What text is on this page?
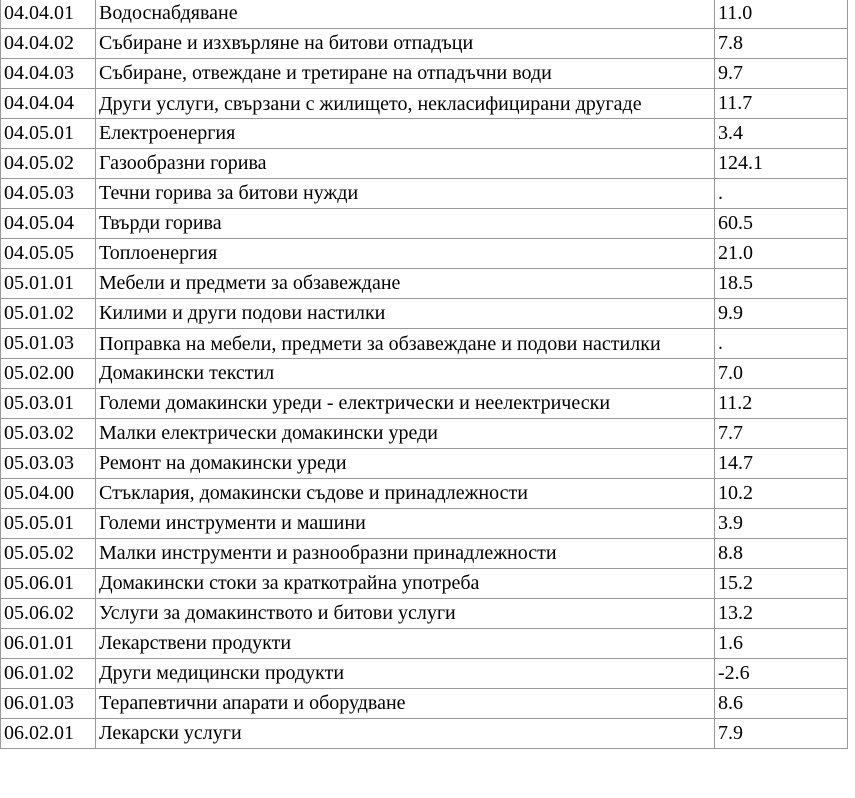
04.04.01	Водоснабдяване	11.0
04.04.02	Събиране и изхвърляне на битови отпадъци	7.8
04.04.03	Събиране, отвеждане и третиране на отпадъчни води	9.7
04.04.04	Други услуги, свързани с жилището, некласифицирани другаде	11.7
04.05.01	Електроенергия	3.4
04.05.02	Газообразни горива	124.1
04.05.03	Течни горива за битови нужди	.
04.05.04	Твърди горива	60.5
04.05.05	Топлоенергия	21.0
05.01.01	Мебели и предмети за обзавеждане	18.5
05.01.02	Килими и други подови настилки	9.9
05.01.03	Поправка на мебели, предмети за обзавеждане и подови настилки	.
05.02.00	Домакински текстил	7.0
05.03.01	Големи домакински уреди - електрически и неелектрически	11.2
05.03.02	Малки електрически домакински уреди	7.7
05.03.03	Ремонт на домакински уреди	14.7
05.04.00	Стъклария, домакински съдове и принадлежности	10.2
05.05.01	Големи инструменти и машини	3.9
05.05.02	Малки инструменти и разнообразни принадлежности	8.8
05.06.01	Домакински стоки за краткотрайна употреба	15.2
05.06.02	Услуги за домакинството и битови услуги	13.2
06.01.01	Лекарствени продукти	1.6
06.01.02	Други медицински продукти	-2.6
06.01.03	Терапевтични апарати и оборудване	8.6
06.02.01	Лекарски услуги	7.9
